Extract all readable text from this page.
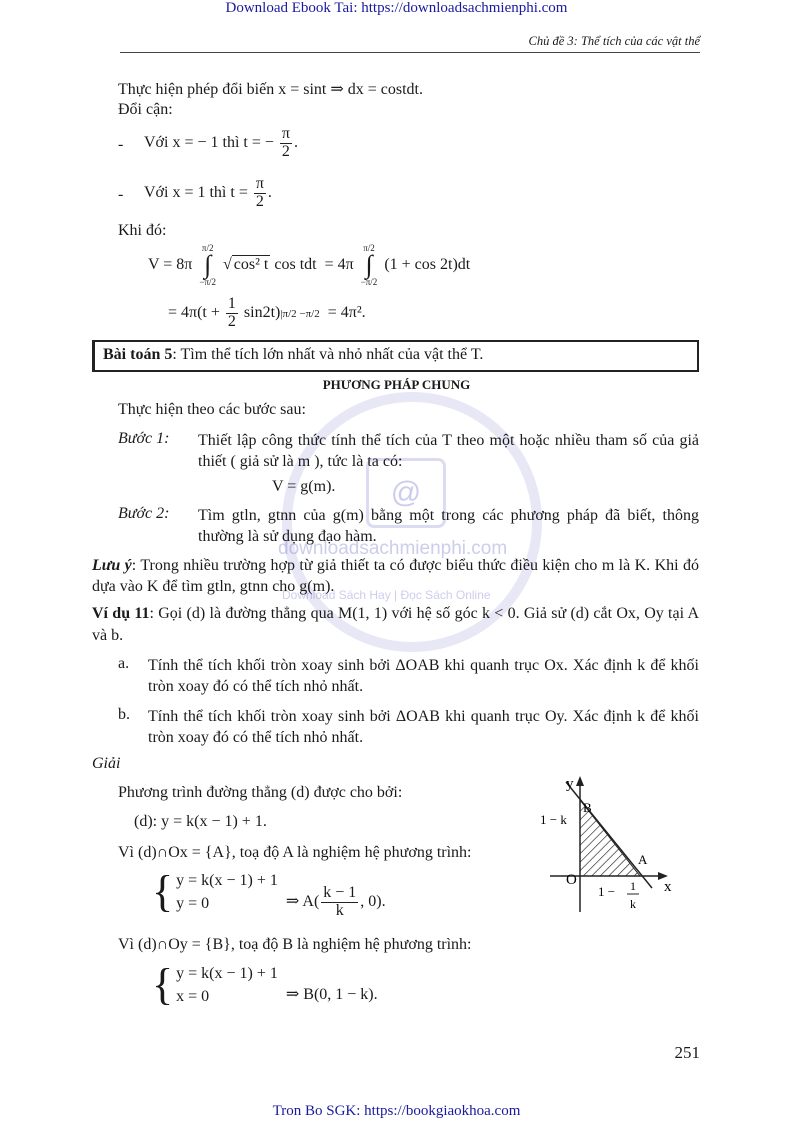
Download Ebook Tai: https://downloadsachmienphi.com
Tron Bo SGK: https://bookgiaokhoa.com
Chủ đề 3: Thể tích của các vật thể
@
downloadsachmienphi.com
Download Sách Hay | Đọc Sách Online
Thực hiện phép đổi biến x = sint ⇒ dx = costdt.
Đổi cận:
- Với x = − 1 thì t = − $\frac{\pi}{2}$ .
- Với x = 1 thì $t = \frac{\pi}{2}$ .
Khi đó:
V = 8π
π/2
∫
−π/2
√ cos² t cos tdt = 4π
π/2
∫
−π/2
(1 + cos 2t)dt
= $4\pi(t + \frac{1}{2} \sin 2t)|\pi/2 -\pi/2 = 4\pi^2$.
Bài toán 5: Tìm thể tích lớn nhất và nhỏ nhất của vật thể T.
PHƯƠNG PHÁP CHUNG
Thực hiện theo các bước sau:
Bước 1: Thiết lập công thức tính thể tích của T theo một hoặc nhiều tham số của giả thiết ( giả sử là m ), tức là ta có:
V = g(m).
Bước 2: Tìm gtln, gtnn của g(m) bằng một trong các phương pháp đã biết, thông thường là sử dụng đạo hàm.
Lưu ý: Trong nhiều trường hợp từ giả thiết ta có được biểu thức điều kiện cho m là K. Khi đó dựa vào K để tìm gtln, gtnn cho g(m).
Ví dụ 11: Gọi (d) là đường thẳng qua M(1, 1) với hệ số góc k < 0. Giả sử (d) cắt Ox, Oy tại A và b.
a. Tính thể tích khối tròn xoay sinh bởi ΔOAB khi quanh trục Ox. Xác định k để khối tròn xoay đó có thể tích nhỏ nhất.
b. Tính thể tích khối tròn xoay sinh bởi ΔOAB khi quanh trục Oy. Xác định k để khối tròn xoay đó có thể tích nhỏ nhất.
Giải
Phương trình đường thẳng (d) được cho bởi:
(d): y = k(x − 1) + 1.
Vì (d)∩Ox = {A}, toạ độ A là nghiệm hệ phương trình:
{ y = k(x − 1) + 1
y = 0	⇒ $A( \frac{k - 1}{k}$ , 0).
Vì (d)∩Oy = {B}, toạ độ B là nghiệm hệ phương trình:
{ y = k(x − 1) + 1
x = 0	⇒ B(0, 1 − k).
y
x
O
A
B
1 − k
1 − 1
k
251
